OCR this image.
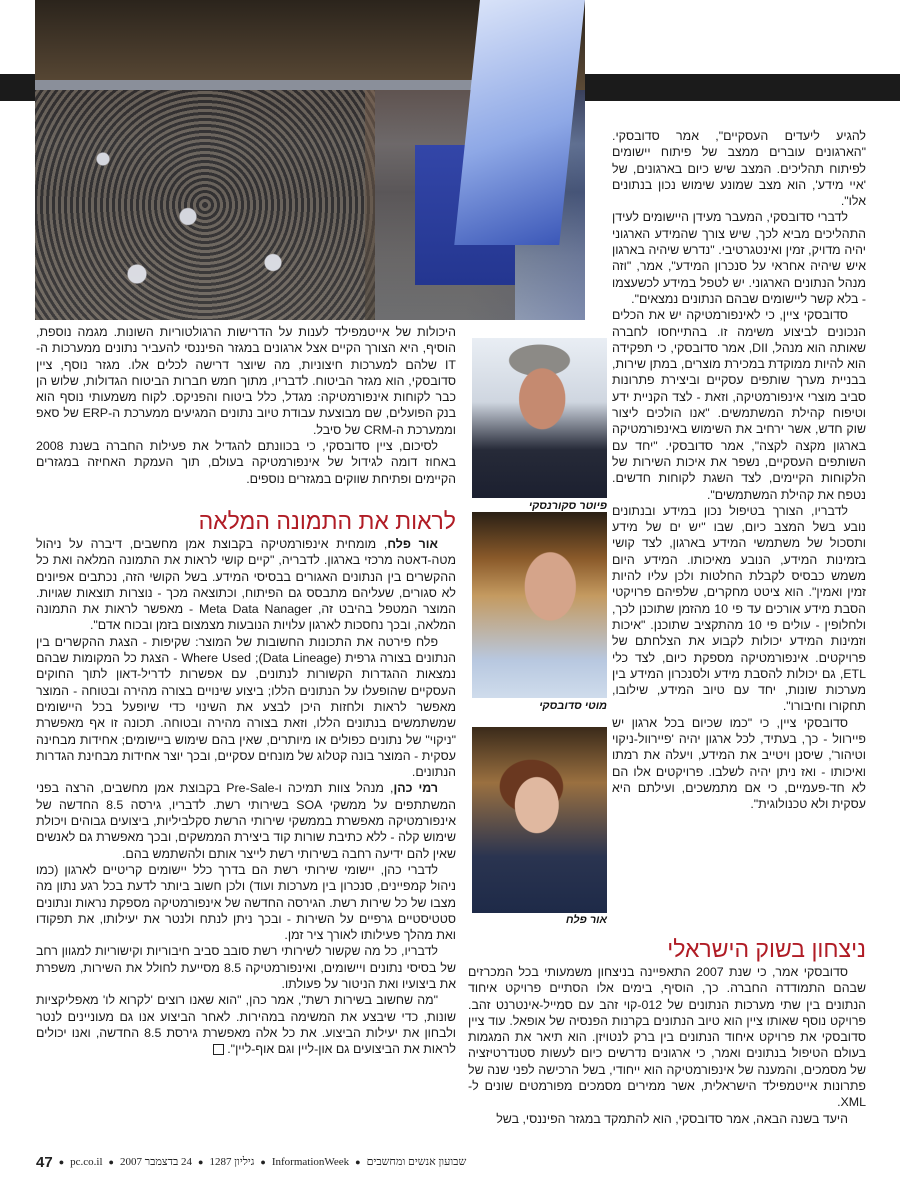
להגיע ליעדים העסקיים", אמר סדובסקי. "הארגונים עוברים ממצב של פיתוח יישומים לפיתוח תהליכים. המצב שיש כיום בארגונים, של 'איי מידע', הוא מצב שמונע שימוש נכון בנתונים אלו".

לדברי סדובסקי, המעבר מעידן היישומים לעידן התהליכים מביא לכך, שיש צורך שהמידע הארגוני יהיה מדויק, זמין ואינטגרטיבי. "נדרש שיהיה בארגון איש שיהיה אחראי על סנכרון המידע", אמר, "וזה מנהל הנתונים הארגוני. יש לטפל במידע לכשעצמו - בלא קשר ליישומים שבהם הנתונים נמצאים".

סדובסקי ציין, כי לאינפורמטיקה יש את הכלים הנכונים לביצוע משימה זו. בהתייחסו לחברה שאותה הוא מנהל, DII, אמר סדובסקי, כי תפקידה הוא להיות ממוקדת במכירת מוצרים, במתן שירות, בבניית מערך שותפים עסקיים וביצירת פתרונות סביב מוצרי אינפורמטיקה, וזאת - לצד הקניית ידע וטיפוח קהילת המשתמשים. "אנו הולכים ליצור שוק חדש, אשר ירחיב את השימוש באינפורמטיקה בארגון מקצה לקצה", אמר סדובסקי. "יחד עם השותפים העסקיים, נשפר את איכות השירות של הלקוחות הקיימים, לצד השגת לקוחות חדשים. נטפח את קהילת המשתמשים".

לדבריו, הצורך בטיפול נכון במידע ובנתונים נובע בשל המצב כיום, שבו "יש ים של מידע ותסכול של משתמשי המידע בארגון, לצד קושי בזמינות המידע, הנובע מאיכותו. המידע היום משמש כבסיס לקבלת החלטות ולכן עליו להיות זמין ואמין". הוא ציטט מחקרים, שלפיהם פרויקטי הסבת מידע אורכים עד פי 10 מהזמן שתוכנן לכך, ולחלופין - עולים פי 10 מהתקציב שתוכנן. "איכות וזמינות המידע יכולות לקבוע את הצלחתם של פרויקטים. אינפורמטיקה מספקת כיום, לצד כלי ETL, גם יכולות להסבת מידע ולסנכרון המידע בין מערכות שונות, יחד עם טיוב המידע, שילובו, תחקורו וחיבורו".

סדובסקי ציין, כי "כמו שכיום בכל ארגון יש פיירוול - כך, בעתיד, לכל ארגון יהיה 'פיירוול-ניקוי וטיהור', שיסנן ויטייב את המידע, ויעלה את רמתו ואיכותו - ואז ניתן יהיה לשלבו. פרויקטים אלו הם לא חד-פעמיים, כי אם מתמשכים, ועילתם היא עסקית ולא טכנולוגית".

פיוטר סקורנסקי
מוטי סדובסקי
אור פלח

היכולות של אייטמפילד לענות על הדרישות הרגולטוריות השונות. מגמה נוספת, הוסיף, היא הצורך הקיים אצל ארגונים במגזר הפיננסי להעביר נתונים ממערכות ה-IT שלהם למערכות חיצוניות, מה שיוצר דרישה לכלים אלו. מגזר נוסף, ציין סדובסקי, הוא מגזר הביטוח. לדבריו, מתוך חמש חברות הביטוח הגדולות, שלוש הן כבר לקוחות אינפורמטיקה: מגדל, כלל ביטוח והפניקס. לקוח משמעותי נוסף הוא בנק הפועלים, שם מבוצעת עבודת טיוב נתונים המגיעים ממערכת ה-ERP של סאפ וממערכת ה-CRM של סיבל.

לסיכום, ציין סדובסקי, כי בכוונתם להגדיל את פעילות החברה בשנת 2008 באחוז דומה לגידול של אינפורמטיקה בעולם, תוך העמקת האחיזה במגזרים הקיימים ופתיחת שווקים במגזרים נוספים.

לראות את התמונה המלאה

אור פלח, מומחית אינפורמטיקה בקבוצת אמן מחשבים, דיברה על ניהול מטה-דאטה מרכזי בארגון. לדבריה, "קיים קושי לראות את התמונה המלאה ואת כל ההקשרים בין הנתונים האגורים בבסיסי המידע. בשל הקושי הזה, נכתבים אפיונים לא סגורים, שעליהם מתבסס גם הפיתוח, וכתוצאה מכך - נוצרות תוצאות שגויות. המוצר המטפל בהיבט זה, Meta Data Nanager - מאפשר לראות את התמונה המלאה, ובכך נחסכות לארגון עלויות הנובעות מצמצום בזמן ובכוח אדם".

פלח פירטה את התכונות החשובות של המוצר: שקיפות - הצגת ההקשרים בין הנתונים בצורה גרפית (Data Lineage); Where Used - הצגת כל המקומות שבהם נמצאות ההגדרות הקשורות לנתונים, עם אפשרות לדריל-דאון לתוך החוקים העסקיים שהופעלו על הנתונים הללו; ביצוע שינויים בצורה מהירה ובטוחה - המוצר מאפשר לראות ולחזות היכן לבצע את השינוי כדי שיופעל בכל היישומים שמשתמשים בנתונים הללו, וזאת בצורה מהירה ובטוחה. תכונה זו אף מאפשרת "ניקוי" של נתונים כפולים או מיותרים, שאין בהם שימוש ביישומים; אחידות מבחינה עסקית - המוצר בונה קטלוג של מונחים עסקיים, ובכך יוצר אחידות מבחינת הגדרות הנתונים.

רמי כהן, מנהל צוות תמיכה ו-Pre-Sale בקבוצת אמן מחשבים, הרצה בפני המשתתפים על ממשקי SOA בשירותי רשת. לדבריו, גירסה 8.5 החדשה של אינפורמטיקה מאפשרת בממשקי שירותי הרשת סקלביליות, ביצועים גבוהים ויכולת שימוש קלה - ללא כתיבת שורות קוד ביצירת הממשקים, ובכך מאפשרת גם לאנשים שאין להם ידיעה רחבה בשירותי רשת לייצר אותם ולהשתמש בהם.

לדברי כהן, יישומי שירותי רשת הם בדרך כלל יישומים קריטיים לארגון (כמו ניהול קמפיינים, סנכרון בין מערכות ועוד) ולכן חשוב ביותר לדעת בכל רגע נתון מה מצבו של כל שירות רשת. הגירסה החדשה של אינפורמטיקה מספקת נראות ונתונים סטטיסטיים גרפיים על השירות - ובכך ניתן לנתח ולנטר את יעילותו, את תפקודו ואת מהלך פעילותו לאורך ציר זמן.

לדבריו, כל מה שקשור לשירותי רשת סובב סביב חיבוריות וקישוריות למגוון רחב של בסיסי נתונים ויישומים, ואינפורמטיקה 8.5 מסייעת לחולל את השירות, משפרת את ביצועיו ואת הניטור על פעולתו.

"מה שחשוב בשירות רשת", אמר כהן, "הוא שאנו רוצים 'לקרוא לו' מאפליקציות שונות, כדי שיבצע את המשימה במהירות. לאחר הביצוע אנו גם מעוניינים לנטר ולבחון את יעילות הביצוע. את כל אלה מאפשרת גירסת 8.5 החדשה, ואנו יכולים לראות את הביצועים גם און-ליין וגם אוף-ליין".

ניצחון בשוק הישראלי

סדובסקי אמר, כי שנת 2007 התאפיינה בניצחון משמעותי בכל המכרזים שבהם התמודדה החברה. כך, הוסיף, בימים אלו הסתיים פרויקט איחוד הנתונים בין שתי מערכות הנתונים של 012-קוי זהב עם סמייל-אינטרנט זהב. פרויקט נוסף שאותו ציין הוא טיוב הנתונים בקרנות הפנסיה של אופאל. עוד ציין סדובסקי את פרויקט איחוד הנתונים בין ברק לנטויזן. הוא תיאר את המגמות בעולם הטיפול בנתונים ואמר, כי ארגונים נדרשים כיום לעשות סטנדרטיזציה של מסמכים, והמענה של אינפורמטיקה הוא ייחודי, בשל הרכישה לפני שנה של פתרונות אייטמפילד הישראלית, אשר ממירים מסמכים מפורמטים שונים ל-XML.

היעד בשנה הבאה, אמר סדובסקי, הוא להתמקד במגזר הפיננסי, בשל

47 ● pc.co.il ● 24 בדצמבר 2007 ● גיליון 1287 ● InformationWeek ● שבועון אנשים ומחשבים
